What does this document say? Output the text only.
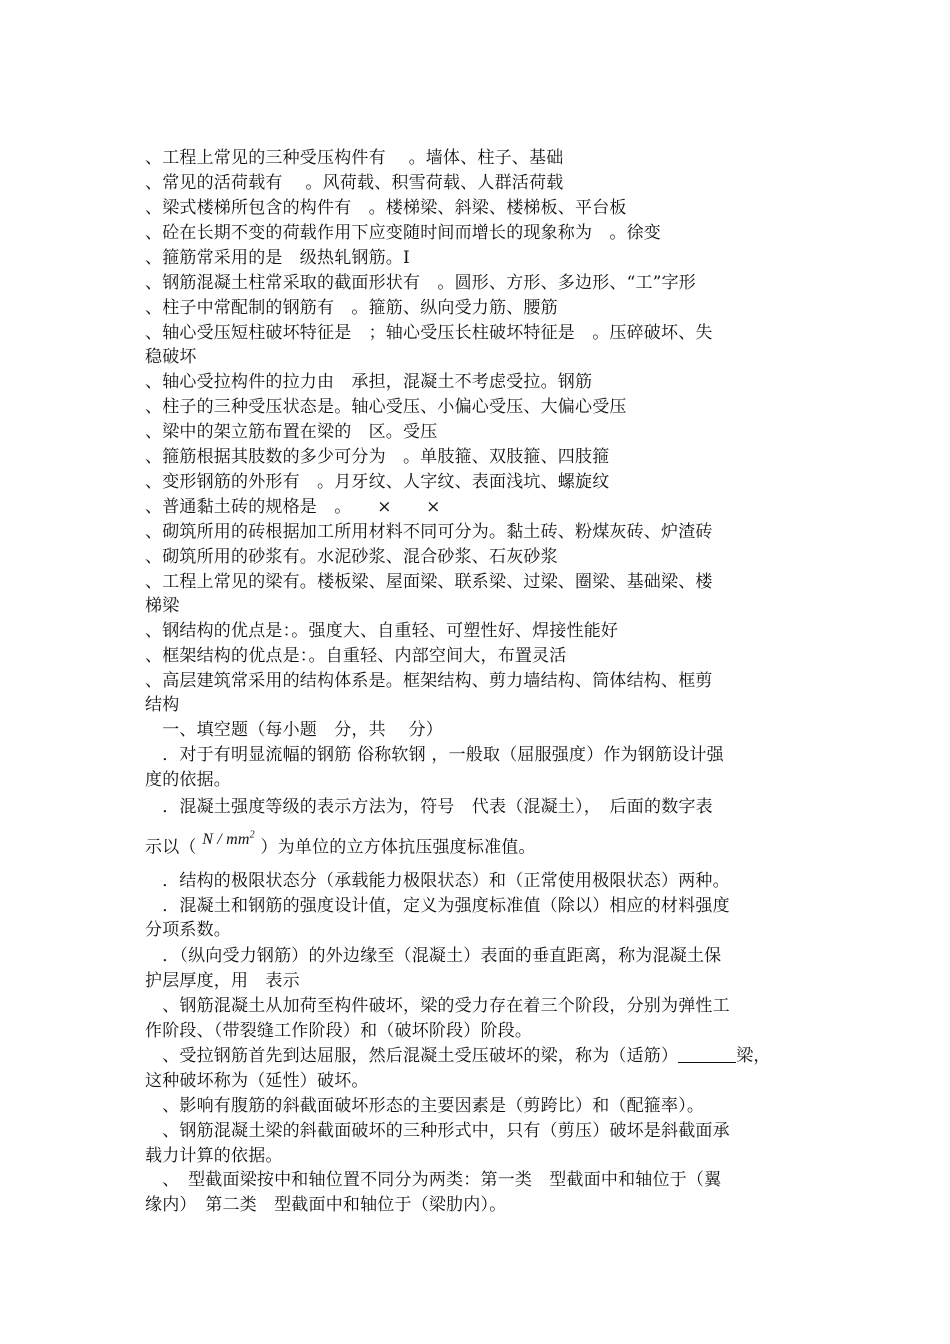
、工程上常见的三种受压构件有　 。墙体、柱子、基础
、常见的活荷载有　 。风荷载、积雪荷载、人群活荷载
、梁式楼梯所包含的构件有　。楼梯梁、斜梁、楼梯板、平台板
、砼在长期不变的荷载作用下应变随时间而增长的现象称为　。徐变
、箍筋常采用的是　级热轧钢筋。Ⅰ
、钢筋混凝土柱常采取的截面形状有　。圆形、方形、多边形、“工”字形
、柱子中常配制的钢筋有　。箍筋、纵向受力筋、腰筋
、轴心受压短柱破坏特征是　；轴心受压长柱破坏特征是　。压碎破坏、失
稳破坏
、轴心受拉构件的拉力由　承担，混凝土不考虑受拉。钢筋
、柱子的三种受压状态是。轴心受压、小偏心受压、大偏心受压
、梁中的架立筋布置在梁的　区。受压
、箍筋根据其肢数的多少可分为　。单肢箍、双肢箍、四肢箍
、变形钢筋的外形有　。月牙纹、人字纹、表面浅坑、螺旋纹
、普通黏土砖的规格是　。　　×　　×
、砌筑所用的砖根据加工所用材料不同可分为。黏土砖、粉煤灰砖、炉渣砖
、砌筑所用的砂浆有。水泥砂浆、混合砂浆、石灰砂浆
、工程上常见的梁有。楼板梁、屋面梁、联系梁、过梁、圈梁、基础梁、楼
梯梁
、钢结构的优点是：。强度大、自重轻、可塑性好、焊接性能好
、框架结构的优点是：。自重轻、内部空间大，布置灵活
、高层建筑常采用的结构体系是。框架结构、剪力墙结构、筒体结构、框剪
结构
　一、填空题（每小题　分，共　 分）
　．对于有明显流幅的钢筋 俗称软钢 ，一般取（屈服强度）作为钢筋设计强
度的依据。
　．混凝土强度等级的表示方法为，符号　代表（混凝土），　后面的数字表
示以（ N / $mm^2$ ）为单位的立方体抗压强度标准值。
　．结构的极限状态分（承载能力极限状态）和（正常使用极限状态）两种。
　．混凝土和钢筋的强度设计值，定义为强度标准值（除以）相应的材料强度
分项系数。
　．（纵向受力钢筋）的外边缘至（混凝土）表面的垂直距离，称为混凝土保
护层厚度，用　表示
　、钢筋混凝土从加荷至构件破坏，梁的受力存在着三个阶段，分别为弹性工
作阶段、（带裂缝工作阶段）和（破坏阶段）阶段。
　、受拉钢筋首先到达屈服，然后混凝土受压破坏的梁，称为（适筋）	梁，
这种破坏称为（延性）破坏。
　、影响有腹筋的斜截面破坏形态的主要因素是（剪跨比）和（配箍率）。
　、钢筋混凝土梁的斜截面破坏的三种形式中，只有（剪压）破坏是斜截面承
载力计算的依据。
　、　型截面梁按中和轴位置不同分为两类：第一类　型截面中和轴位于（翼
缘内）　第二类　型截面中和轴位于（梁肋内）。
